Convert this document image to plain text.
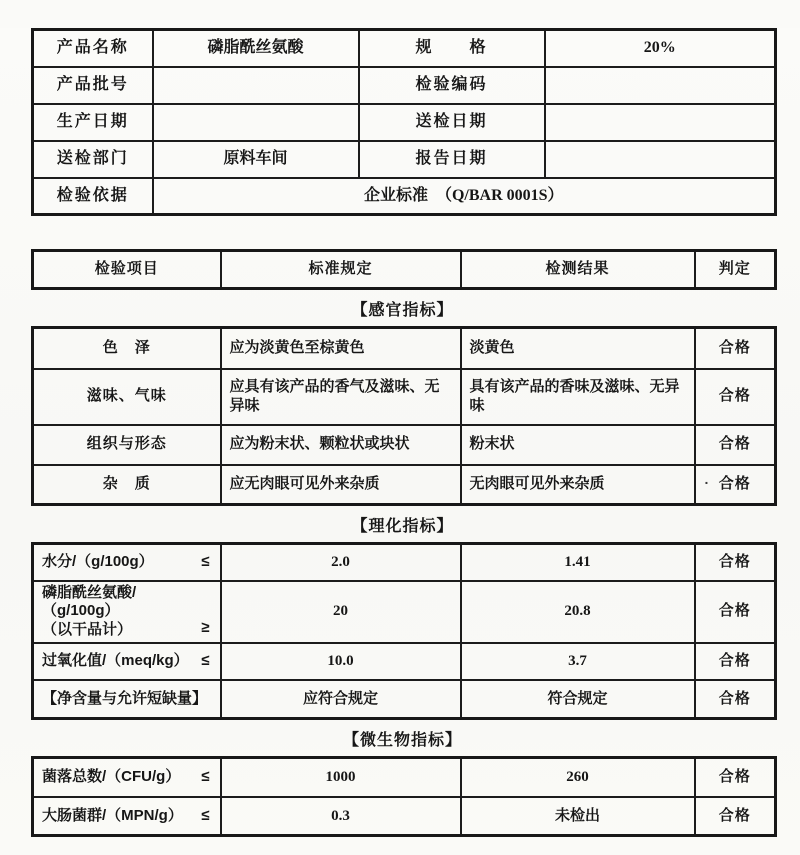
产品名称	磷脂酰丝氨酸	规　　格	20%
产品批号		检验编码	
生产日期		送检日期	
送检部门	原料车间	报告日期	
检验依据	企业标准　（Q/BAR 0001S）		
检验项目	标准规定	检测结果	判定
【感官指标】
色　泽	应为淡黄色至棕黄色	淡黄色	合格
滋味、气味	应具有该产品的香气及滋味、无异味	具有该产品的香味及滋味、无异味	合格
组织与形态	应为粉末状、颗粒状或块状	粉末状	合格
杂　质	应无肉眼可见外来杂质	无肉眼可见外来杂质	· 合格
【理化指标】
水分/（g/100g） ≤	2.0	1.41	合格

磷脂酰丝氨酸/（g/100g）
（以干品计） ≥	20	20.8	合格

过氧化值/（meq/kg） ≤	10.0	3.7	合格

【净含量与允许短缺量】	应符合规定	符合规定	合格
【微生物指标】
菌落总数/（CFU/g） ≤	1000	260	合格

大肠菌群/（MPN/g） ≤	0.3	未检出	合格
